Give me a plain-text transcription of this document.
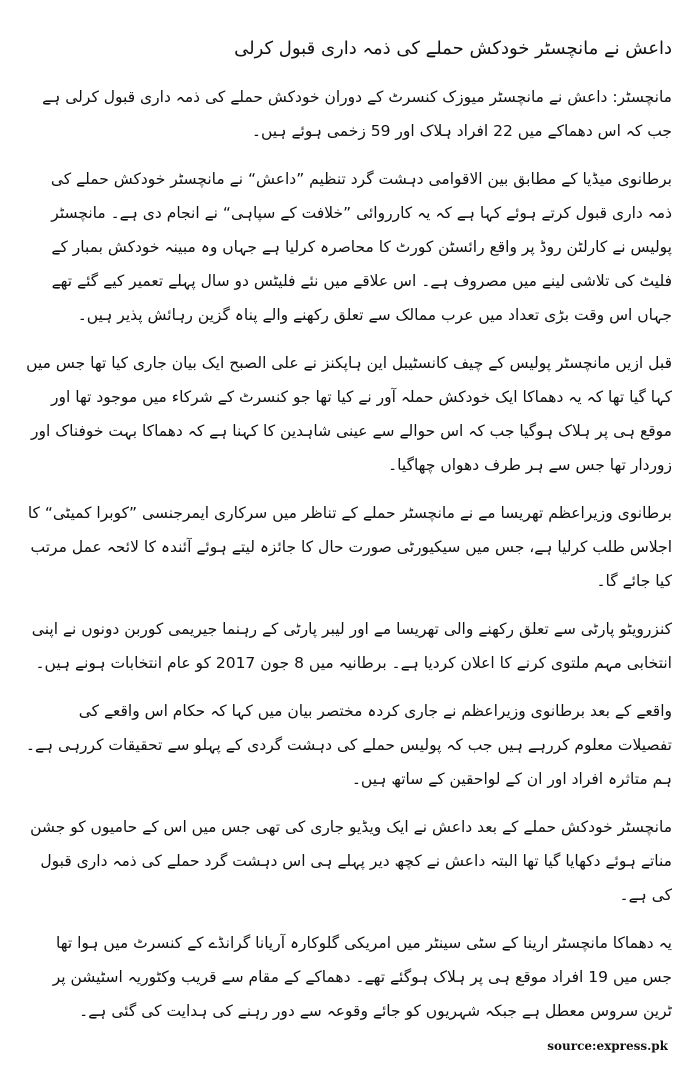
داعش نے مانچسٹر خودکش حملے کی ذمہ داری قبول کرلی

مانچسٹر: داعش نے مانچسٹر میوزک کنسرٹ کے دوران خودکش حملے کی ذمہ داری قبول کرلی ہے جب کہ اس دھماکے میں 22 افراد ہلاک اور 59 زخمی ہوئے ہیں۔

برطانوی میڈیا کے مطابق بین الاقوامی دہشت گرد تنظیم ”داعش“ نے مانچسٹر خودکش حملے کی ذمہ داری قبول کرتے ہوئے کہا ہے کہ یہ کارروائی ”خلافت کے سپاہی“ نے انجام دی ہے۔ مانچسٹر پولیس نے کارلٹن روڈ پر واقع رائسٹن کورٹ کا محاصرہ کرلیا ہے جہاں وہ مبینہ خودکش بمبار کے فلیٹ کی تلاشی لینے میں مصروف ہے۔ اس علاقے میں نئے فلیٹس دو سال پہلے تعمیر کیے گئے تھے جہاں اس وقت بڑی تعداد میں عرب ممالک سے تعلق رکھنے والے پناہ گزین رہائش پذیر ہیں۔

قبل ازیں مانچسٹر پولیس کے چیف کانسٹیبل این ہاپکنز نے علی الصبح ایک بیان جاری کیا تھا جس میں کہا گیا تھا کہ یہ دھماکا ایک خودکش حملہ آور نے کیا تھا جو کنسرٹ کے شرکاء میں موجود تھا اور موقع ہی پر ہلاک ہوگیا جب کہ اس حوالے سے عینی شاہدین کا کہنا ہے کہ دھماکا بہت خوفناک اور زوردار تھا جس سے ہر طرف دھواں چھاگیا۔

برطانوی وزیراعظم تھریسا مے نے مانچسٹر حملے کے تناظر میں سرکاری ایمرجنسی ”کوبرا کمیٹی“ کا اجلاس طلب کرلیا ہے، جس میں سیکیورٹی صورت حال کا جائزہ لیتے ہوئے آئندہ کا لائحہ عمل مرتب کیا جائے گا۔

کنزرویٹو پارٹی سے تعلق رکھنے والی تھریسا مے اور لیبر پارٹی کے رہنما جیریمی کوربن دونوں نے اپنی انتخابی مہم ملتوی کرنے کا اعلان کردیا ہے۔ برطانیہ میں 8 جون 2017 کو عام انتخابات ہونے ہیں۔

واقعے کے بعد برطانوی وزیراعظم نے جاری کردہ مختصر بیان میں کہا کہ حکام اس واقعے کی تفصیلات معلوم کررہے ہیں جب کہ پولیس حملے کی دہشت گردی کے پہلو سے تحقیقات کررہی ہے۔ ہم متاثرہ افراد اور ان کے لواحقین کے ساتھ ہیں۔

مانچسٹر خودکش حملے کے بعد داعش نے ایک ویڈیو جاری کی تھی جس میں اس کے حامیوں کو جشن مناتے ہوئے دکھایا گیا تھا البتہ داعش نے کچھ دیر پہلے ہی اس دہشت گرد حملے کی ذمہ داری قبول کی ہے۔

یہ دھماکا مانچسٹر ارینا کے سٹی سینٹر میں امریکی گلوکارہ آریانا گرانڈے کے کنسرٹ میں ہوا تھا جس میں 19 افراد موقع ہی پر ہلاک ہوگئے تھے۔ دھماکے کے مقام سے قریب وکٹوریہ اسٹیشن پر ٹرین سروس معطل ہے جبکہ شہریوں کو جائے وقوعہ سے دور رہنے کی ہدایت کی گئی ہے۔

source:express.pk
